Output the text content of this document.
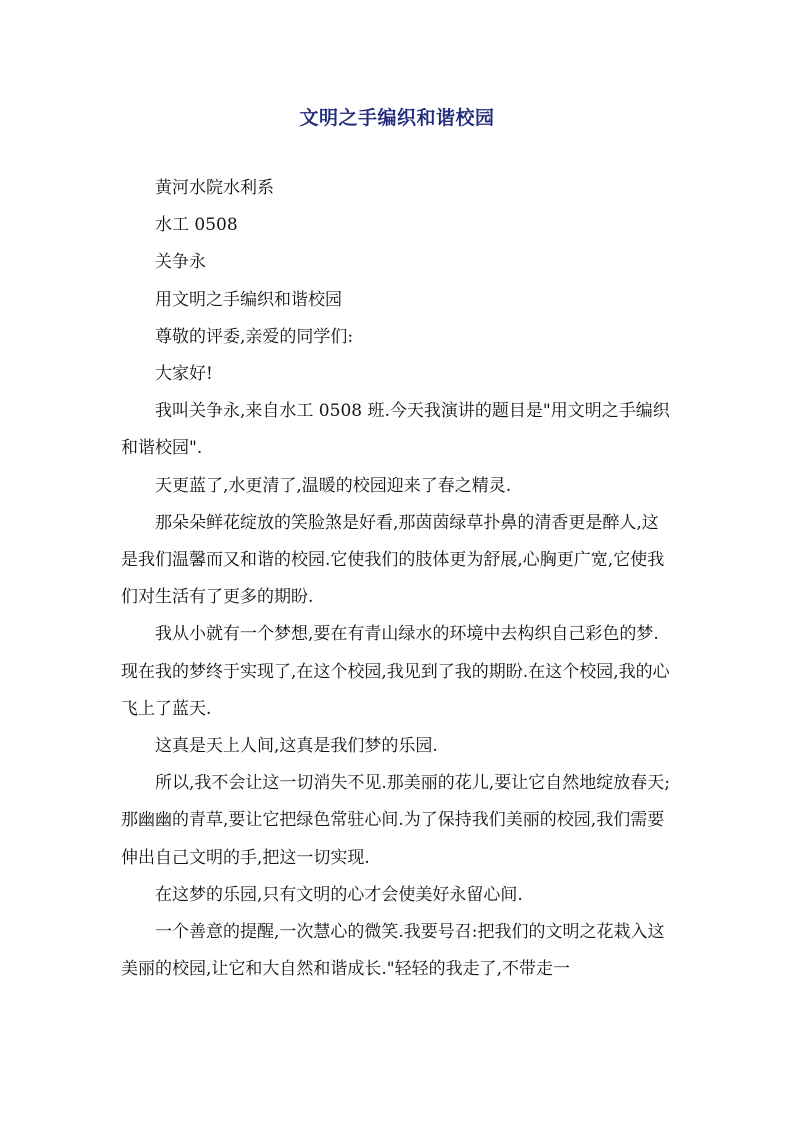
文明之手编织和谐校园

黄河水院水利系

水工 0508

关争永

用文明之手编织和谐校园

尊敬的评委,亲爱的同学们:

大家好!

我叫关争永,来自水工 0508 班.今天我演讲的题目是"用文明之手编织和谐校园".

天更蓝了,水更清了,温暖的校园迎来了春之精灵.

那朵朵鲜花绽放的笑脸煞是好看,那茵茵绿草扑鼻的清香更是醉人,这是我们温馨而又和谐的校园.它使我们的肢体更为舒展,心胸更广宽,它使我们对生活有了更多的期盼.

我从小就有一个梦想,要在有青山绿水的环境中去构织自己彩色的梦.现在我的梦终于实现了,在这个校园,我见到了我的期盼.在这个校园,我的心飞上了蓝天.

这真是天上人间,这真是我们梦的乐园.

所以,我不会让这一切消失不见.那美丽的花儿,要让它自然地绽放春天;那幽幽的青草,要让它把绿色常驻心间.为了保持我们美丽的校园,我们需要伸出自己文明的手,把这一切实现.

在这梦的乐园,只有文明的心才会使美好永留心间.

一个善意的提醒,一次慧心的微笑.我要号召:把我们的文明之花栽入这美丽的校园,让它和大自然和谐成长."轻轻的我走了,不带走一
